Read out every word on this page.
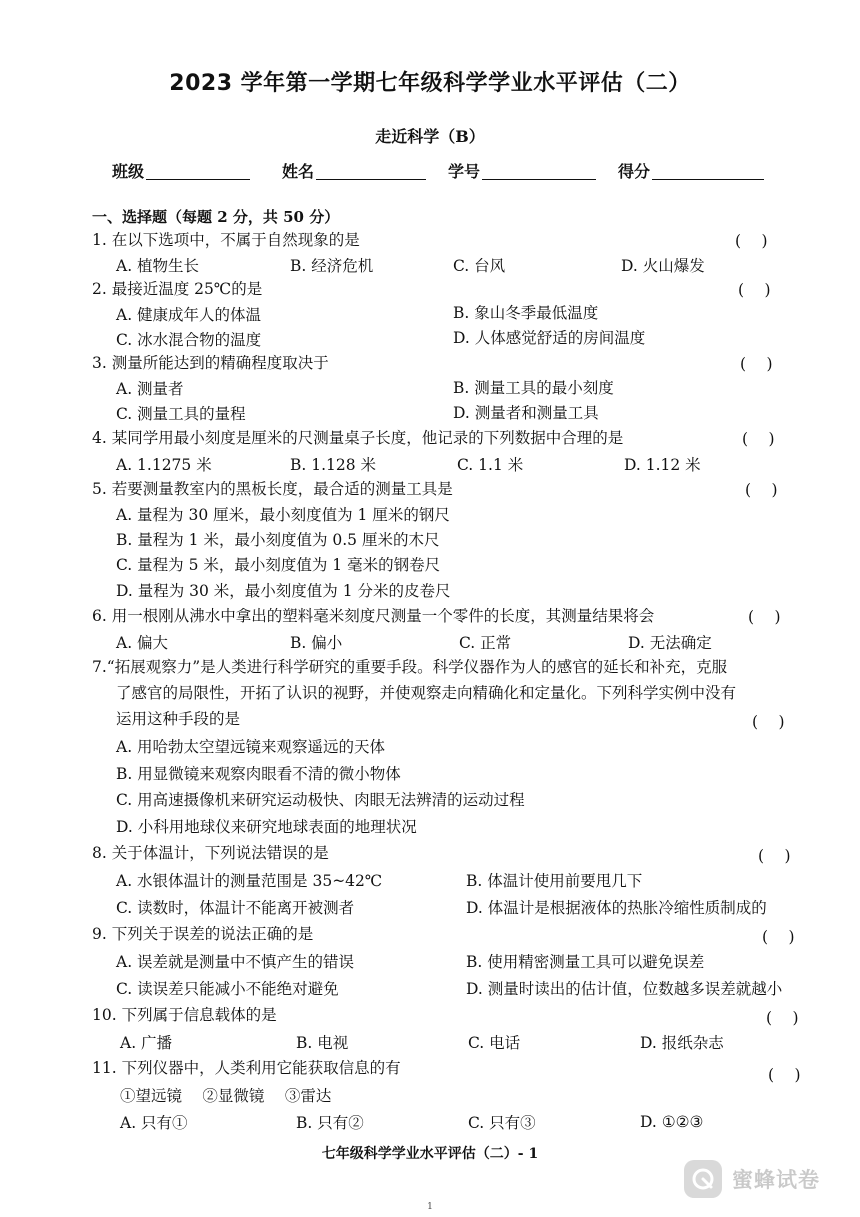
2023 学年第一学期七年级科学学业水平评估（二）
走近科学（B）
班级	姓名	学号	得分
一、选择题（每题 2 分，共 50 分）
1. 在以下选项中，不属于自然现象的是	(　 )
A. 植物生长	B. 经济危机	C. 台风	D. 火山爆发
2. 最接近温度 25℃的是	(　 )
A. 健康成年人的体温	B. 象山冬季最低温度
C. 冰水混合物的温度	D. 人体感觉舒适的房间温度
3. 测量所能达到的精确程度取决于	(　 )
A. 测量者	B. 测量工具的最小刻度
C. 测量工具的量程	D. 测量者和测量工具
4. 某同学用最小刻度是厘米的尺测量桌子长度，他记录的下列数据中合理的是	(　 )
A. 1.1275 米	B. 1.128 米	C. 1.1 米	D. 1.12 米
5. 若要测量教室内的黑板长度，最合适的测量工具是	(　 )
A. 量程为 30 厘米，最小刻度值为 1 厘米的钢尺
B. 量程为 1 米，最小刻度值为 0.5 厘米的木尺
C. 量程为 5 米，最小刻度值为 1 毫米的钢卷尺
D. 量程为 30 米，最小刻度值为 1 分米的皮卷尺
6. 用一根刚从沸水中拿出的塑料毫米刻度尺测量一个零件的长度，其测量结果将会	(　 )
A. 偏大	B. 偏小	C. 正常	D. 无法确定
7.“拓展观察力”是人类进行科学研究的重要手段。科学仪器作为人的感官的延长和补充，克服
了感官的局限性，开拓了认识的视野，并使观察走向精确化和定量化。下列科学实例中没有
运用这种手段的是	(　 )
A. 用哈勃太空望远镜来观察遥远的天体
B. 用显微镜来观察肉眼看不清的微小物体
C. 用高速摄像机来研究运动极快、肉眼无法辨清的运动过程
D. 小科用地球仪来研究地球表面的地理状况
8. 关于体温计，下列说法错误的是	(　 )
A. 水银体温计的测量范围是 35~42℃	B. 体温计使用前要甩几下
C. 读数时，体温计不能离开被测者	D. 体温计是根据液体的热胀冷缩性质制成的
9. 下列关于误差的说法正确的是	(　 )
A. 误差就是测量中不慎产生的错误	B. 使用精密测量工具可以避免误差
C. 读误差只能减小不能绝对避免	D. 测量时读出的估计值，位数越多误差就越小
10. 下列属于信息载体的是	(　 )
A. 广播	B. 电视	C. 电话	D. 报纸杂志
11. 下列仪器中，人类利用它能获取信息的有	(　 )
①望远镜　 ②显微镜　 ③雷达
A. 只有①	B. 只有②	C. 只有③	D. ①②③
七年级科学学业水平评估（二）- 1
1
蜜蜂试卷
